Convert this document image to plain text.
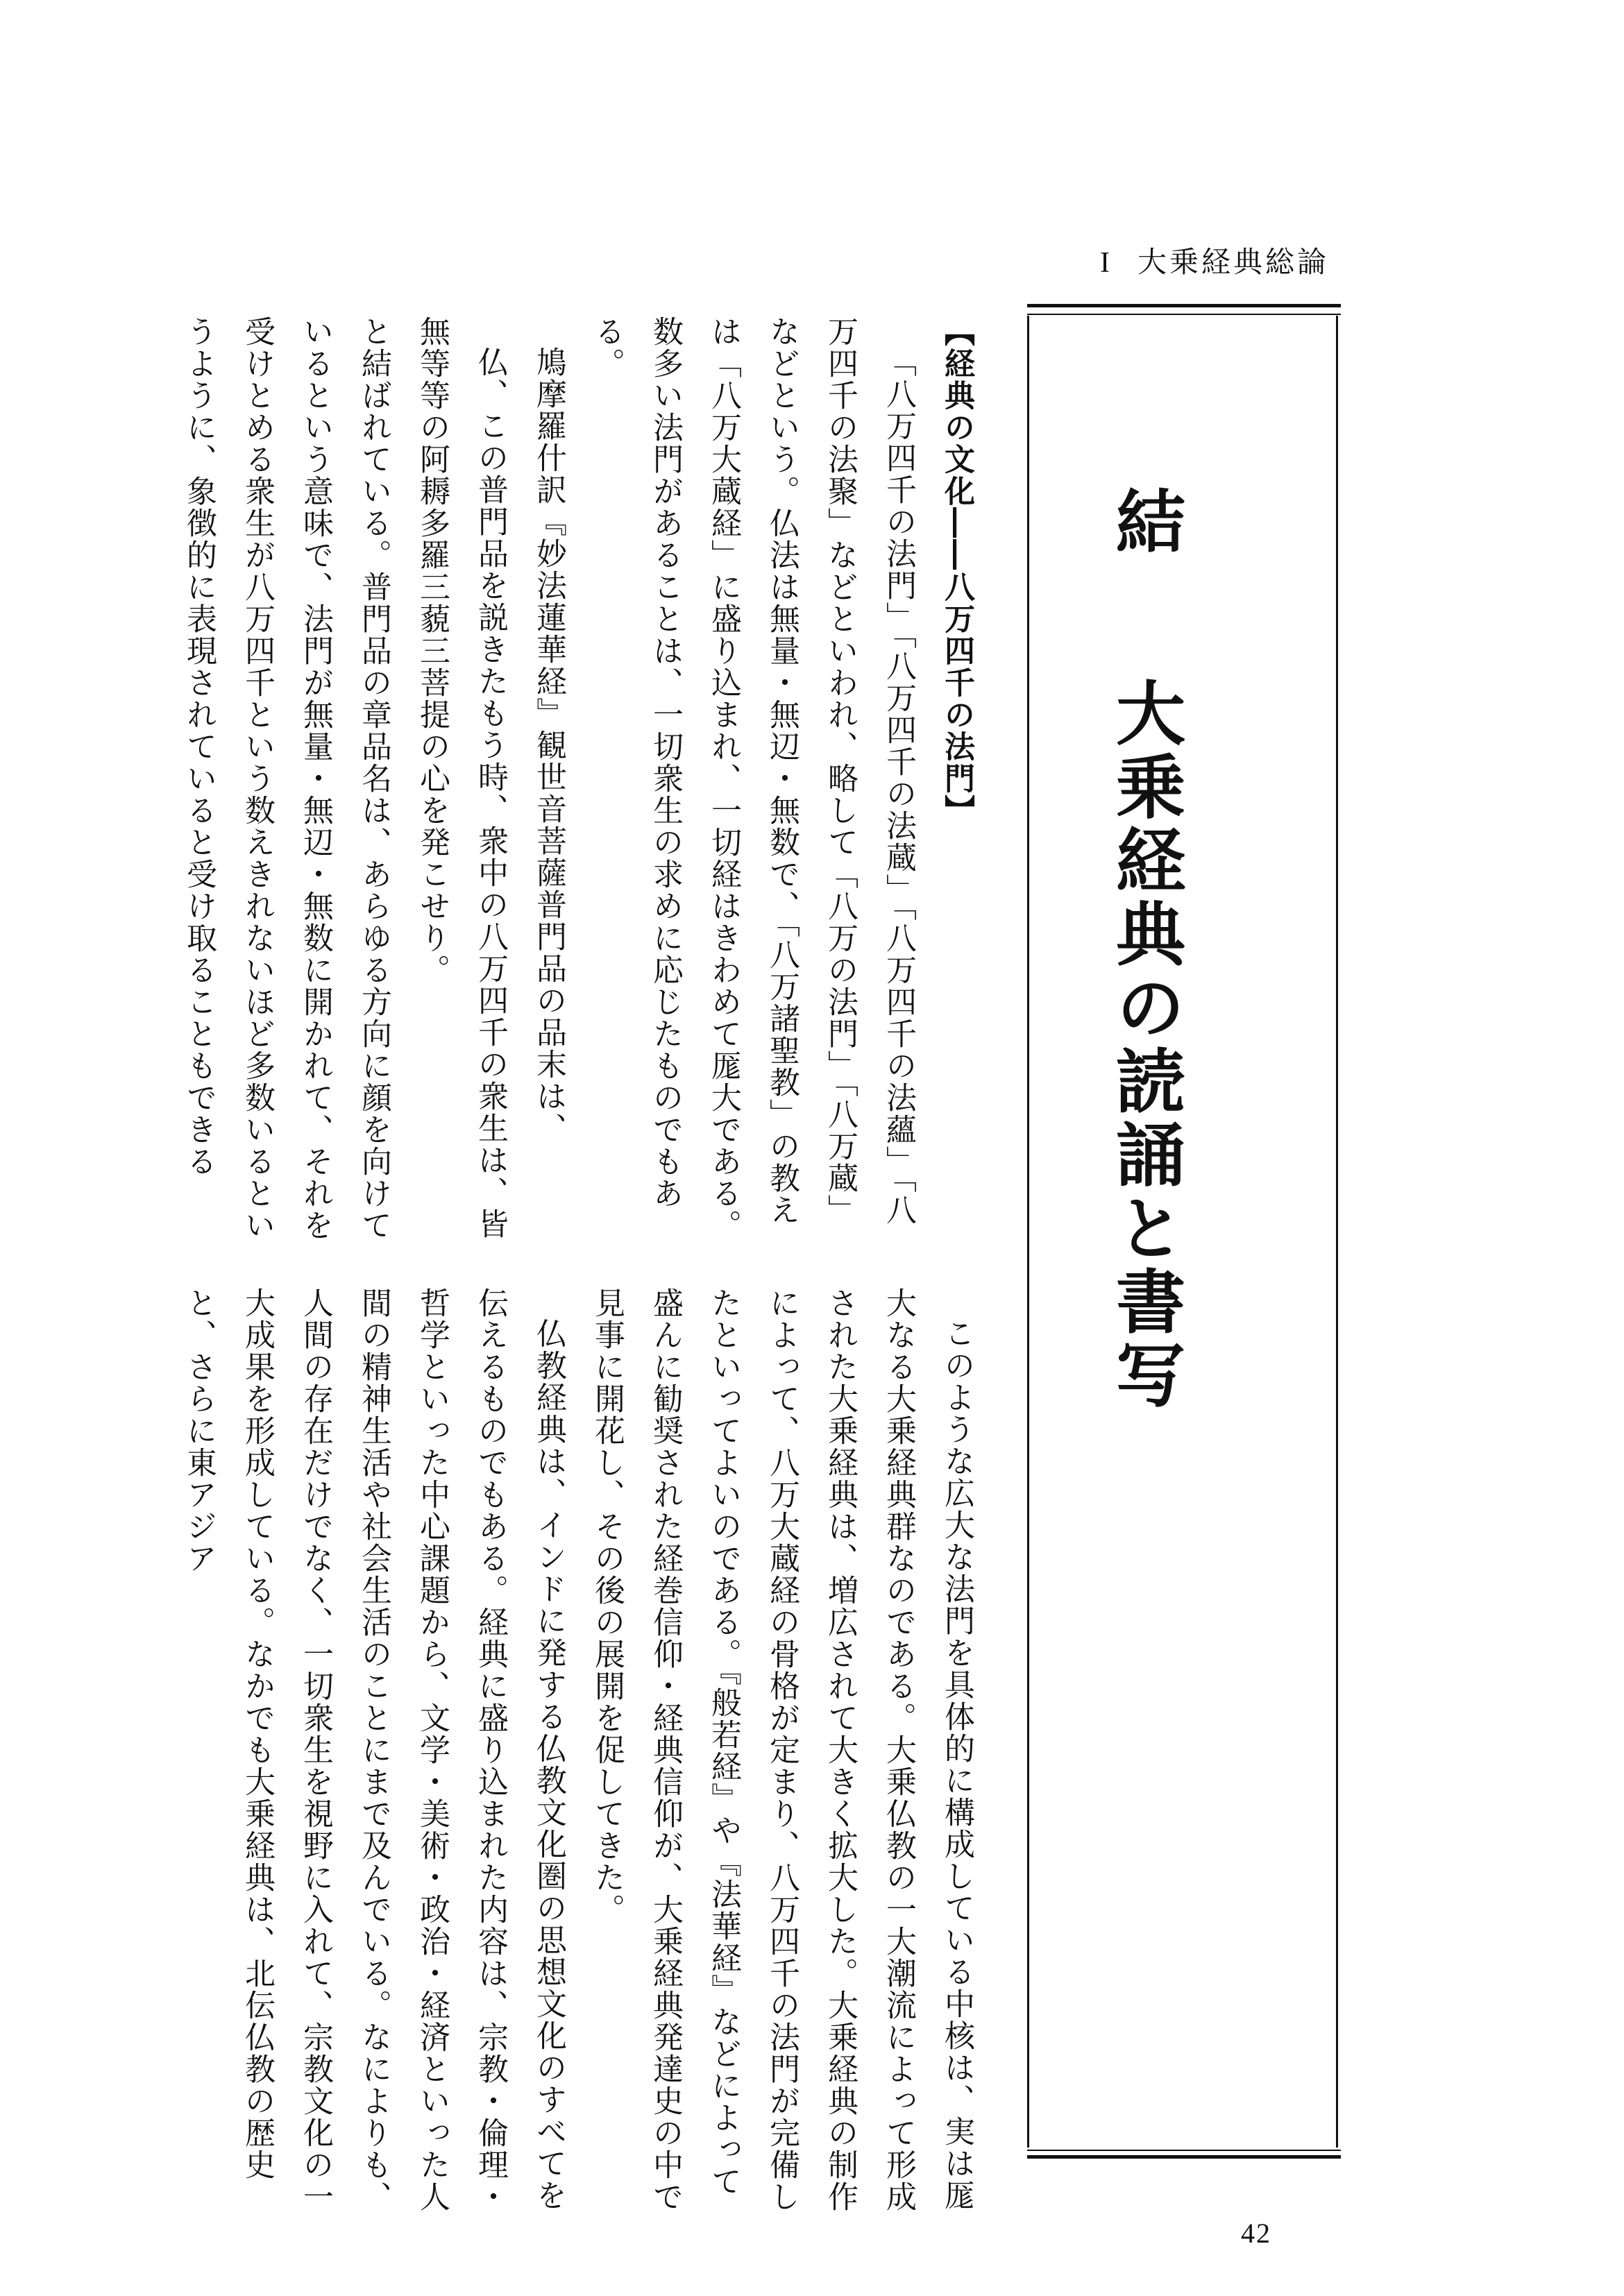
I 大乗経典総論
結大乗経典の読誦と書写

【経典の文化――八万四千の法門】

「八万四千の法門」「八万四千の法蔵」「八万四千の法蘊」「八万四千の法聚」などといわれ、略して「八万の法門」「八万蔵」などという。仏法は無量・無辺・無数で、「八万諸聖教」の教えは「八万大蔵経」に盛り込まれ、一切経はきわめて厖大である。数多い法門があることは、一切衆生の求めに応じたものでもある。

鳩摩羅什訳『妙法蓮華経』観世音菩薩普門品の品末は、

仏、この普門品を説きたもう時、衆中の八万四千の衆生は、皆無等等の阿耨多羅三藐三菩提の心を発こせり。

と結ばれている。普門品の章品名は、あらゆる方向に顔を向けているという意味で、法門が無量・無辺・無数に開かれて、それを受けとめる衆生が八万四千という数えきれないほど多数いるというように、象徴的に表現されていると受け取ることもできる

このような広大な法門を具体的に構成している中核は、実は厖大なる大乗経典群なのである。大乗仏教の一大潮流によって形成された大乗経典は、増広されて大きく拡大した。大乗経典の制作によって、八万大蔵経の骨格が定まり、八万四千の法門が完備したといってよいのである。『般若経』や『法華経』などによって盛んに勧奨された経巻信仰・経典信仰が、大乗経典発達史の中で見事に開花し、その後の展開を促してきた。

仏教経典は、インドに発する仏教文化圏の思想文化のすべてを伝えるものでもある。経典に盛り込まれた内容は、宗教・倫理・哲学といった中心課題から、文学・美術・政治・経済といった人間の精神生活や社会生活のことにまで及んでいる。なによりも、人間の存在だけでなく、一切衆生を視野に入れて、宗教文化の一大成果を形成している。なかでも大乗経典は、北伝仏教の歴史と、さらに東アジア

42
